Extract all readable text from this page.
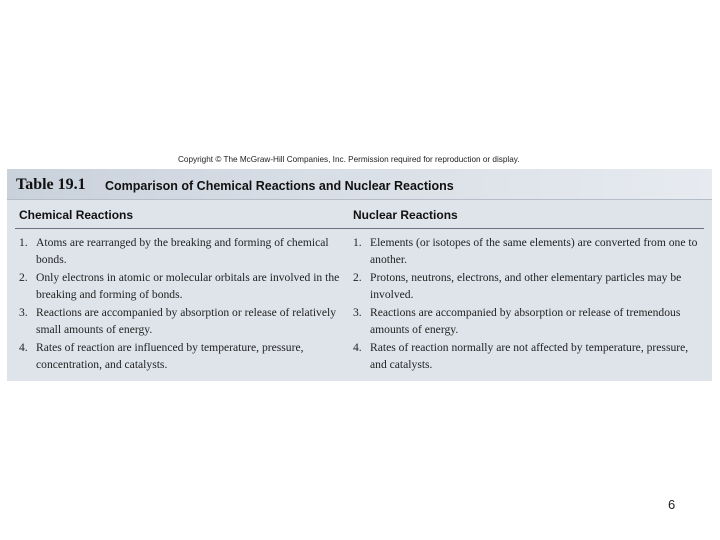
Copyright © The McGraw-Hill Companies, Inc. Permission required for reproduction or display.
Table 19.1 Comparison of Chemical Reactions and Nuclear Reactions
Chemical Reactions	Nuclear Reactions
1. Atoms are rearranged by the breaking and forming of chemical bonds.
2. Only electrons in atomic or molecular orbitals are involved in the breaking and forming of bonds.
3. Reactions are accompanied by absorption or release of relatively small amounts of energy.
4. Rates of reaction are influenced by temperature, pressure, concentration, and catalysts.
1. Elements (or isotopes of the same elements) are converted from one to another.
2. Protons, neutrons, electrons, and other elementary particles may be involved.
3. Reactions are accompanied by absorption or release of tremendous amounts of energy.
4. Rates of reaction normally are not affected by temperature, pressure, and catalysts.
6
